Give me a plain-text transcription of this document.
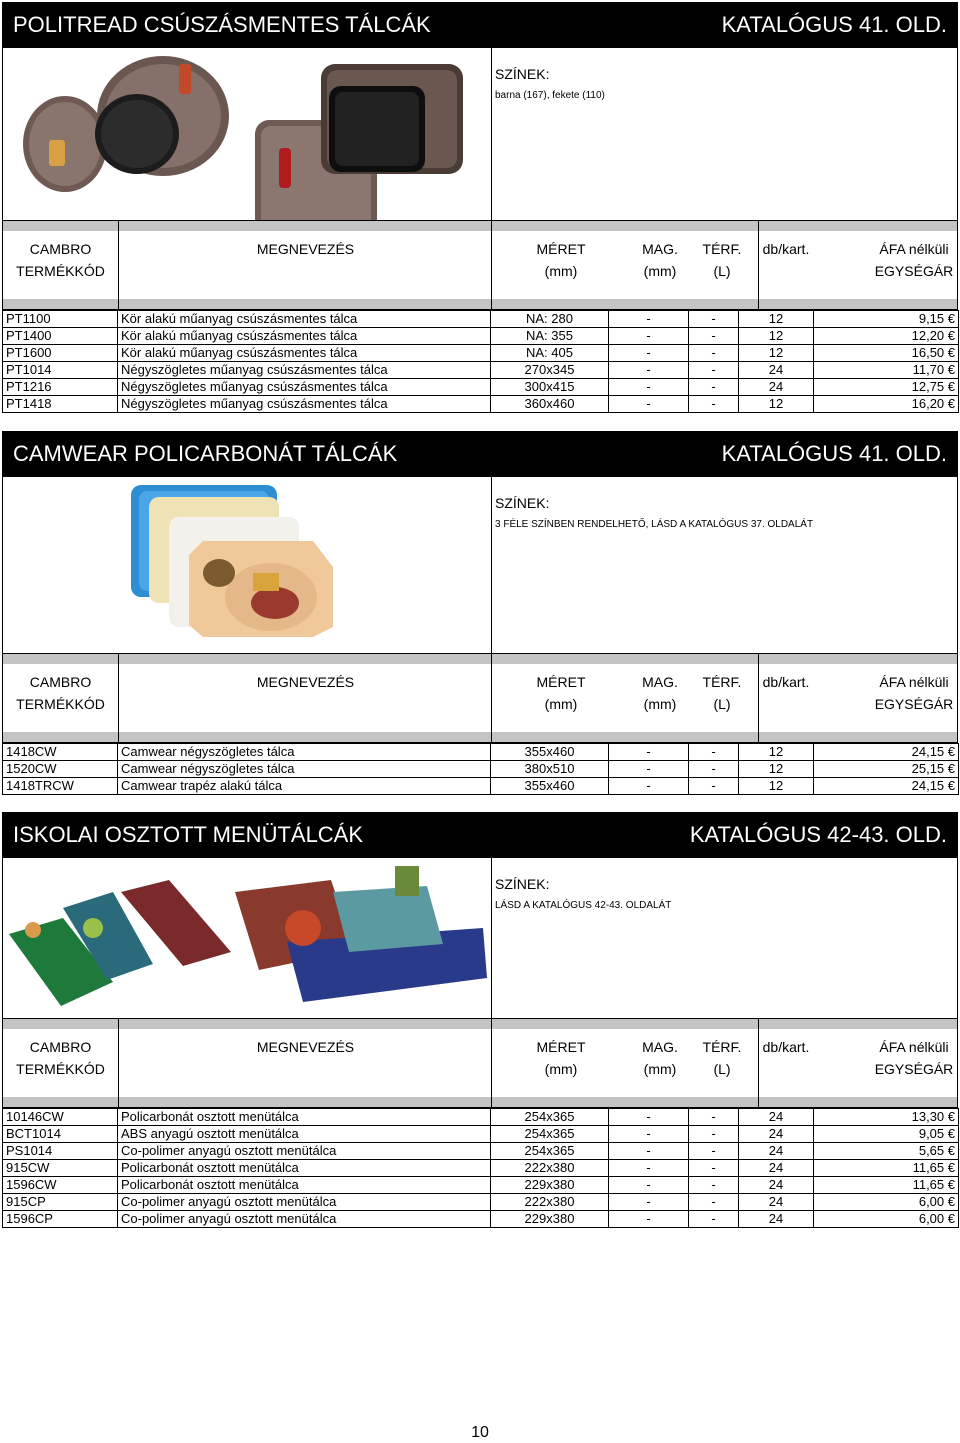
POLITREAD CSÚSZÁSMENTES TÁLCÁK	KATALÓGUS 41. OLD.
SZÍNEK:
barna (167), fekete (110)
CAMBRO
TERMÉKKÓD
MEGNEVEZÉS	MÉRET
(mm)
MAG.
(mm)
TÉRF.
(L)
db/kart.	ÁFA nélküli
EGYSÉGÁR
PT1100	Kör alakú műanyag csúszásmentes tálca	NA: 280	-	-	12	9,15 €
PT1400	Kör alakú műanyag csúszásmentes tálca	NA: 355	-	-	12	12,20 €
PT1600	Kör alakú műanyag csúszásmentes tálca	NA: 405	-	-	12	16,50 €
PT1014	Négyszögletes műanyag csúszásmentes tálca	270x345	-	-	24	11,70 €
PT1216	Négyszögletes műanyag csúszásmentes tálca	300x415	-	-	24	12,75 €
PT1418	Négyszögletes műanyag csúszásmentes tálca	360x460	-	-	12	16,20 €
CAMWEAR POLICARBONÁT TÁLCÁK	KATALÓGUS 41. OLD.
SZÍNEK:
3 FÉLE SZÍNBEN RENDELHETŐ, LÁSD A KATALÓGUS 37. OLDALÁT
CAMBRO
TERMÉKKÓD
MEGNEVEZÉS	MÉRET
(mm)
MAG.
(mm)
TÉRF.
(L)
db/kart.	ÁFA nélküli
EGYSÉGÁR
1418CW	Camwear négyszögletes tálca	355x460	-	-	12	24,15 €
1520CW	Camwear négyszögletes tálca	380x510	-	-	12	25,15 €
1418TRCW	Camwear trapéz alakú tálca	355x460	-	-	12	24,15 €
ISKOLAI OSZTOTT MENÜTÁLCÁK	KATALÓGUS 42-43. OLD.
SZÍNEK:
LÁSD A KATALÓGUS 42-43. OLDALÁT
CAMBRO
TERMÉKKÓD
MEGNEVEZÉS	MÉRET
(mm)
MAG.
(mm)
TÉRF.
(L)
db/kart.	ÁFA nélküli
EGYSÉGÁR
10146CW	Policarbonát osztott menütálca	254x365	-	-	24	13,30 €
BCT1014	ABS anyagú osztott menütálca	254x365	-	-	24	9,05 €
PS1014	Co-polimer anyagú osztott menütálca	254x365	-	-	24	5,65 €
915CW	Policarbonát osztott menütálca	222x380	-	-	24	11,65 €
1596CW	Policarbonát osztott menütálca	229x380	-	-	24	11,65 €
915CP	Co-polimer anyagú osztott menütálca	222x380	-	-	24	6,00 €
1596CP	Co-polimer anyagú osztott menütálca	229x380	-	-	24	6,00 €
10
